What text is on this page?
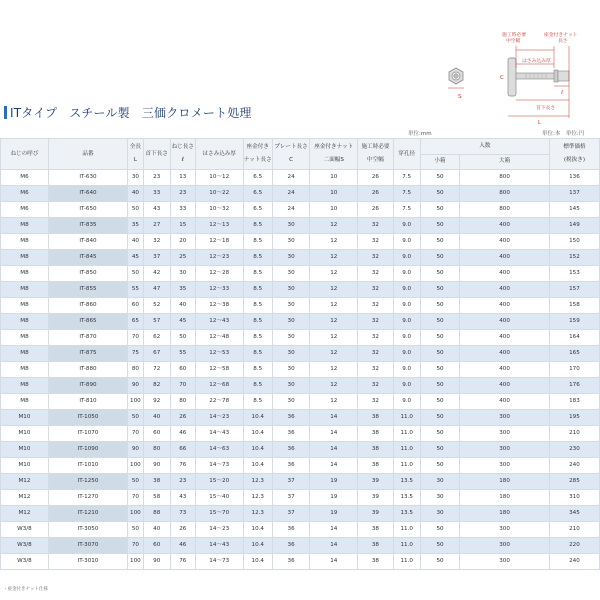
S
C
施工時必要
中空幅
座金付きナット
長さ
はさみ込み厚
ℓ
首下長さ
L
ITタイプ スチール製 三価クロメート処理
単位:mm	単位:本　単位:円
ねじの呼び	品番	全長
L	首下長さ	ねじ長さ
ℓ	はさみ込み厚	座金付き
ナット長さ	プレート長さ
C	座金付きナット
二面幅S	施工時必要
中空幅	穿孔径	入数		標準価格
(税抜き)
											小箱	大箱	
M6	IT-630	30	23	13	10〜12	6.5	24	10	26	7.5	50	800	136
M6	IT-640	40	33	23	10〜22	6.5	24	10	26	7.5	50	800	137
M6	IT-650	50	43	33	10〜32	6.5	24	10	26	7.5	50	800	145
M8	IT-835	35	27	15	12〜13	8.5	30	12	32	9.0	50	400	149
M8	IT-840	40	32	20	12〜18	8.5	30	12	32	9.0	50	400	150
M8	IT-845	45	37	25	12〜23	8.5	30	12	32	9.0	50	400	152
M8	IT-850	50	42	30	12〜28	8.5	30	12	32	9.0	50	400	153
M8	IT-855	55	47	35	12〜33	8.5	30	12	32	9.0	50	400	157
M8	IT-860	60	52	40	12〜38	8.5	30	12	32	9.0	50	400	158
M8	IT-865	65	57	45	12〜43	8.5	30	12	32	9.0	50	400	159
M8	IT-870	70	62	50	12〜48	8.5	30	12	32	9.0	50	400	164
M8	IT-875	75	67	55	12〜53	8.5	30	12	32	9.0	50	400	165
M8	IT-880	80	72	60	12〜58	8.5	30	12	32	9.0	50	400	170
M8	IT-890	90	82	70	12〜68	8.5	30	12	32	9.0	50	400	176
M8	IT-810	100	92	80	22〜78	8.5	30	12	32	9.0	50	400	183
M10	IT-1050	50	40	26	14〜23	10.4	36	14	38	11.0	50	300	195
M10	IT-1070	70	60	46	14〜43	10.4	36	14	38	11.0	50	300	210
M10	IT-1090	90	80	66	14〜63	10.4	36	14	38	11.0	50	300	230
M10	IT-1010	100	90	76	14〜73	10.4	36	14	38	11.0	50	300	240
M12	IT-1250	50	38	23	15〜20	12.3	37	19	39	13.5	30	180	285
M12	IT-1270	70	58	43	15〜40	12.3	37	19	39	13.5	30	180	310
M12	IT-1210	100	88	73	15〜70	12.3	37	19	39	13.5	30	180	345
W3/8	IT-3050	50	40	26	14〜23	10.4	36	14	38	11.0	50	300	210
W3/8	IT-3070	70	60	46	14〜43	10.4	36	14	38	11.0	50	300	220
W3/8	IT-3010	100	90	76	14〜73	10.4	36	14	38	11.0	50	300	240
・座金付きナット仕様
